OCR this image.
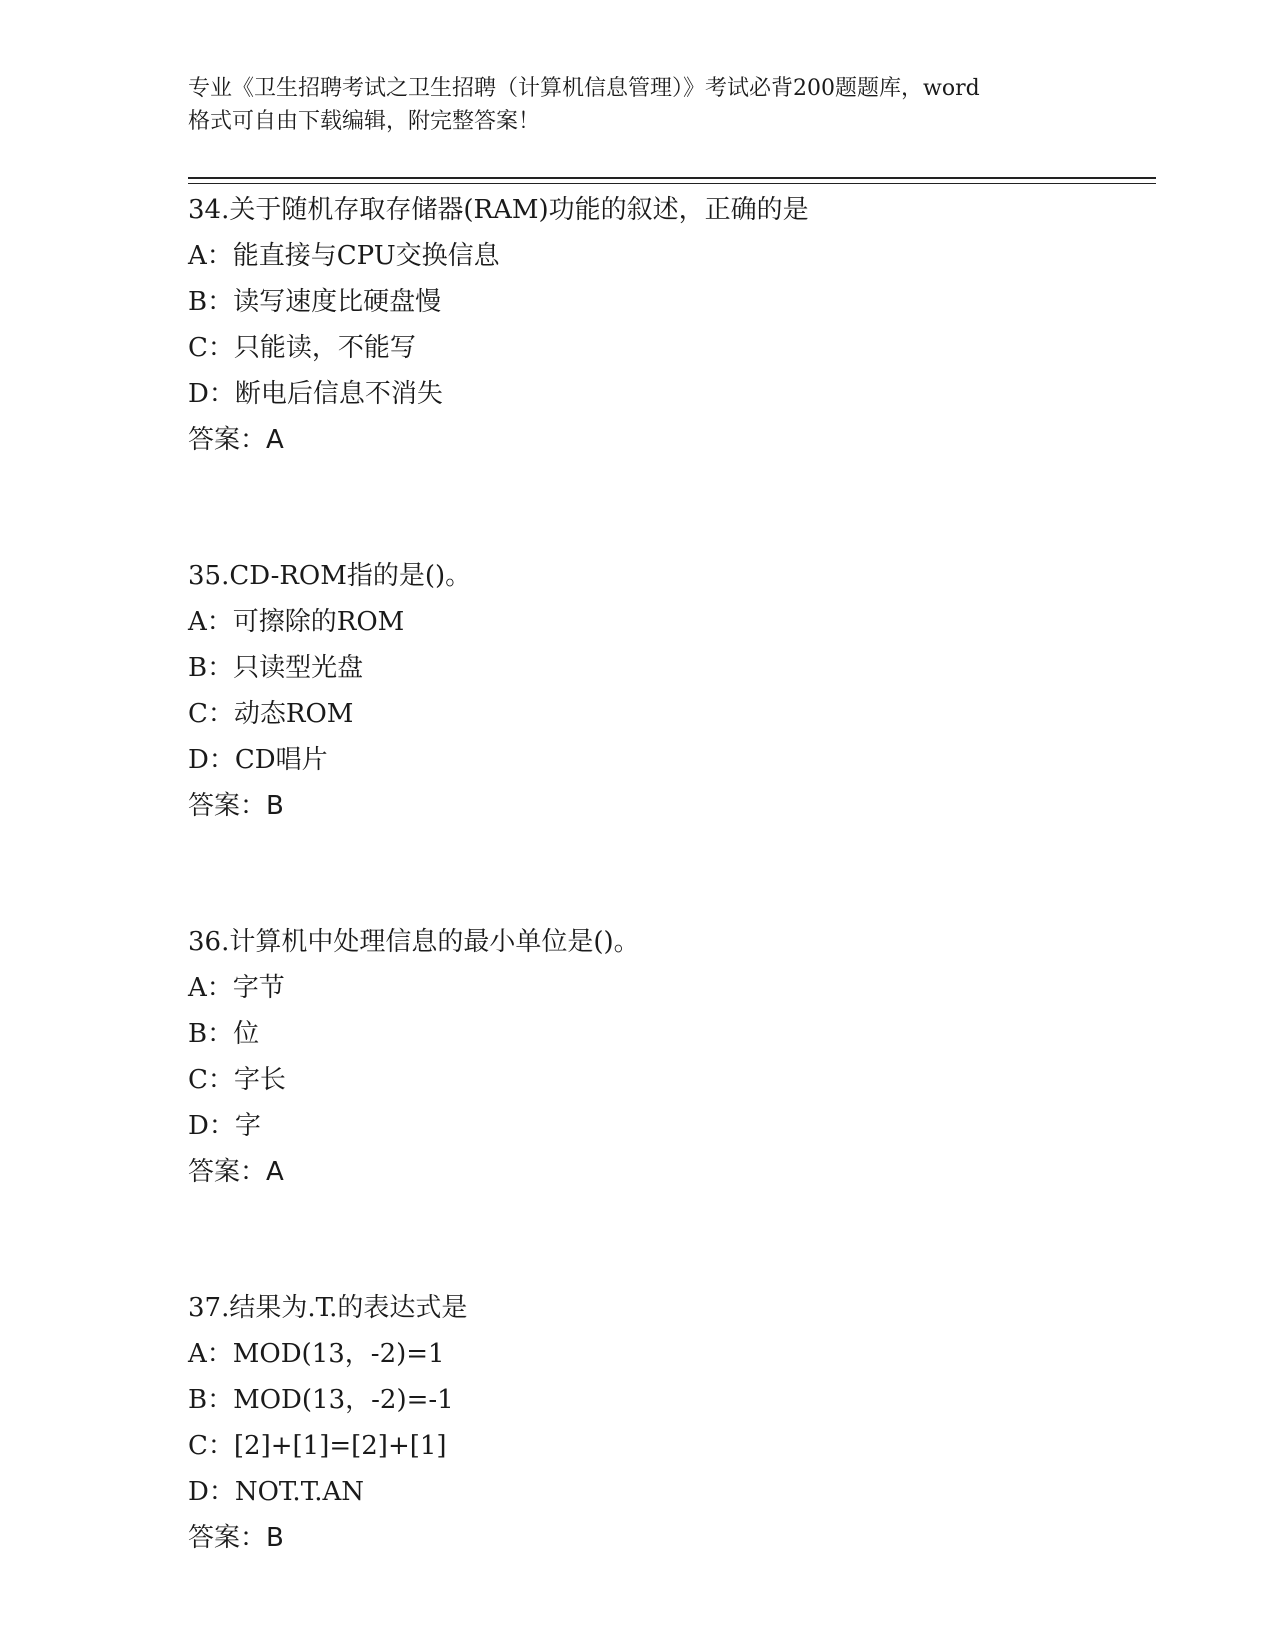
专业《卫生招聘考试之卫生招聘（计算机信息管理）》考试必背200题题库，word
格式可自由下载编辑，附完整答案！
34.关于随机存取存储器(RAM)功能的叙述，正确的是
A：能直接与CPU交换信息
B：读写速度比硬盘慢
C：只能读，不能写
D：断电后信息不消失
答案：A
35.CD-ROM指的是()。
A：可擦除的ROM
B：只读型光盘
C：动态ROM
D：CD唱片
答案：B
36.计算机中处理信息的最小单位是()。
A：字节
B：位
C：字长
D：字
答案：A
37.结果为.T.的表达式是
A：MOD(13，-2)=1
B：MOD(13，-2)=-1
C：[2]+[1]=[2]+[1]
D：NOT.T.AN
答案：B
